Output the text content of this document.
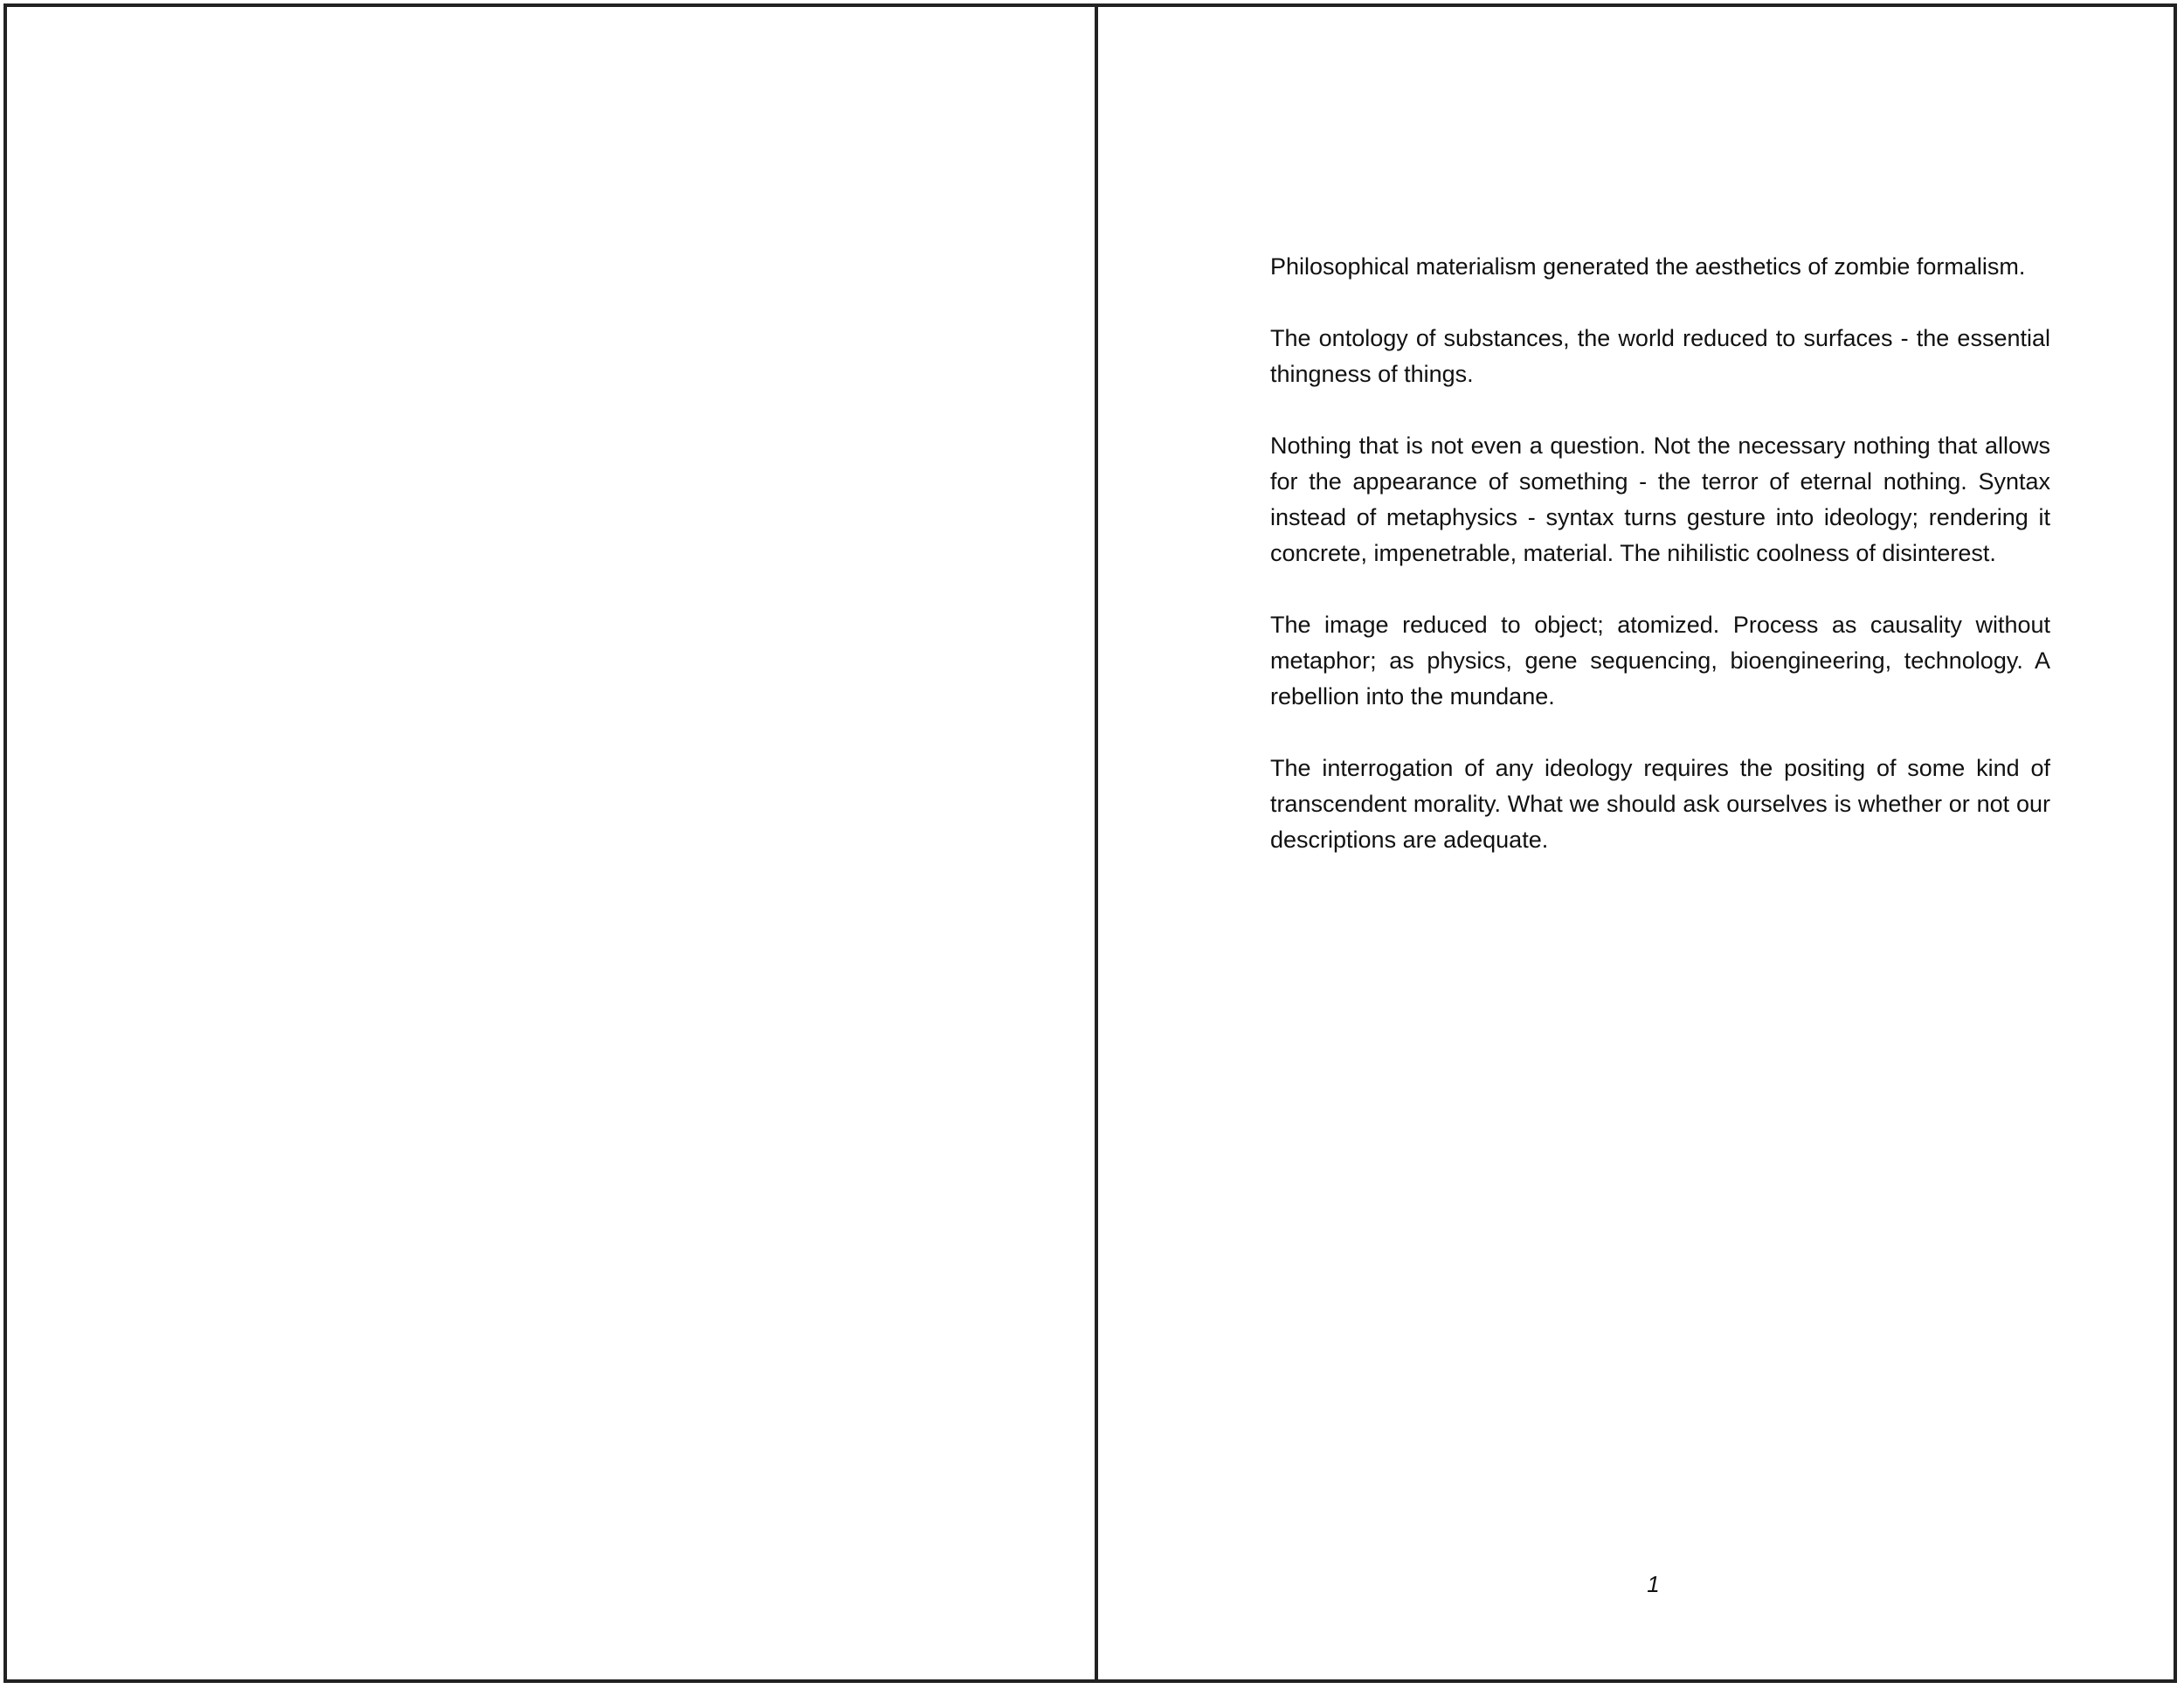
Philosophical materialism generated the aesthetics of zombie formalism.

The ontology of substances, the world reduced to surfaces - the essential thingness of things.

Nothing that is not even a question. Not the necessary nothing that allows for the appearance of something - the terror of eternal nothing. Syntax instead of metaphysics - syntax turns gesture into ideology; rendering it concrete, impenetrable, material. The nihilistic coolness of disinterest.

The image reduced to object; atomized. Process as causality without metaphor; as physics, gene sequencing, bioengineering, technology. A rebellion into the mundane.

The interrogation of any ideology requires the positing of some kind of transcendent morality. What we should ask ourselves is whether or not our descriptions are adequate.

1
